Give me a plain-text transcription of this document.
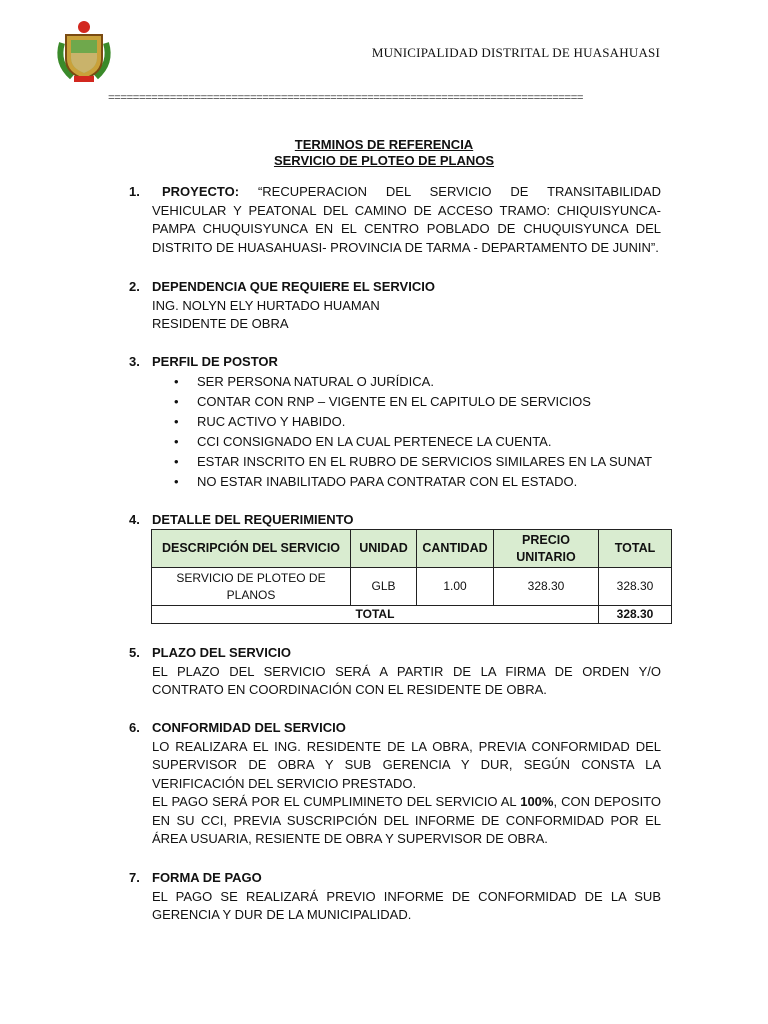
MUNICIPALIDAD DISTRITAL DE HUASAHUASI
=============================================================================
TERMINOS DE REFERENCIA
SERVICIO DE PLOTEO DE PLANOS
1.	PROYECTO: “RECUPERACION DEL SERVICIO DE TRANSITABILIDAD VEHICULAR Y PEATONAL DEL CAMINO DE ACCESO TRAMO: CHIQUISYUNCA-PAMPA CHUQUISYUNCA EN EL CENTRO POBLADO DE CHUQUISYUNCA DEL DISTRITO DE HUASAHUASI- PROVINCIA DE TARMA - DEPARTAMENTO DE JUNIN”.
2. DEPENDENCIA QUE REQUIERE EL SERVICIO
ING. NOLYN ELY HURTADO HUAMAN
RESIDENTE DE OBRA
3. PERFIL DE POSTOR
• SER PERSONA NATURAL O JURÍDICA.
• CONTAR CON RNP – VIGENTE EN EL CAPITULO DE SERVICIOS
• RUC ACTIVO Y HABIDO.
• CCI CONSIGNADO EN LA CUAL PERTENECE LA CUENTA.
• ESTAR INSCRITO EN EL RUBRO DE SERVICIOS SIMILARES EN LA SUNAT
• NO ESTAR INABILITADO PARA CONTRATAR CON EL ESTADO.
4. DETALLE DEL REQUERIMIENTO
DESCRIPCIÓN DEL SERVICIO	UNIDAD	CANTIDAD	PRECIO UNITARIO	TOTAL
SERVICIO DE PLOTEO DE PLANOS	GLB	1.00	328.30	328.30
TOTAL				328.30
5. PLAZO DEL SERVICIO
EL PLAZO DEL SERVICIO SERÁ A PARTIR DE LA FIRMA DE ORDEN Y/O CONTRATO EN COORDINACIÓN CON EL RESIDENTE DE OBRA.
6. CONFORMIDAD DEL SERVICIO
LO REALIZARA EL ING. RESIDENTE DE LA OBRA, PREVIA CONFORMIDAD DEL SUPERVISOR DE OBRA Y SUB GERENCIA Y DUR, SEGÚN CONSTA LA VERIFICACIÓN DEL SERVICIO PRESTADO.
EL PAGO SERÁ POR EL CUMPLIMINETO DEL SERVICIO AL 100%, CON DEPOSITO EN SU CCI, PREVIA SUSCRIPCIÓN DEL INFORME DE CONFORMIDAD POR EL ÁREA USUARIA, RESIENTE DE OBRA Y SUPERVISOR DE OBRA.
7. FORMA DE PAGO
EL PAGO SE REALIZARÁ PREVIO INFORME DE CONFORMIDAD DE LA SUB GERENCIA Y DUR DE LA MUNICIPALIDAD.
